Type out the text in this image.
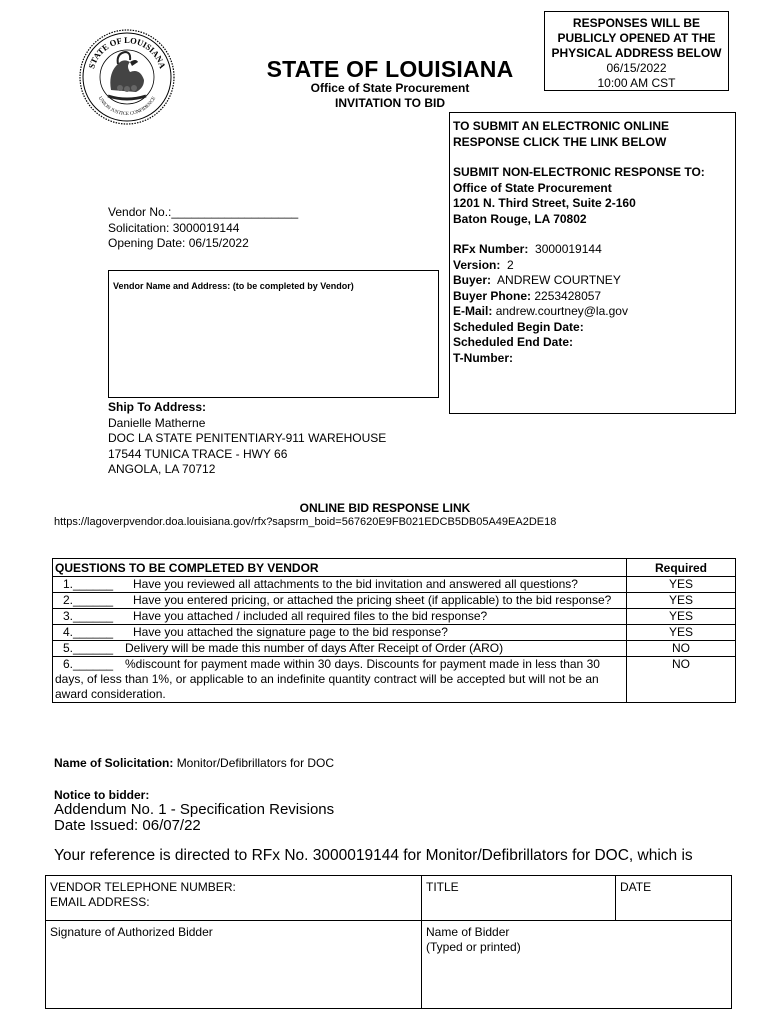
STATE OF LOUISIANA
UNION JUSTICE CONFIDENCE
STATE OF LOUISIANA
Office of State Procurement
INVITATION TO BID
RESPONSES WILL BE
PUBLICLY OPENED AT THE
PHYSICAL ADDRESS BELOW
06/15/2022
10:00 AM CST
TO SUBMIT AN ELECTRONIC ONLINE
RESPONSE CLICK THE LINK BELOW
SUBMIT NON-ELECTRONIC RESPONSE TO:
Office of State Procurement
1201 N. Third Street, Suite 2-160
Baton Rouge, LA 70802
RFx Number: 3000019144
Version: 2
Buyer: ANDREW COURTNEY
Buyer Phone: 2253428057
E-Mail: andrew.courtney@la.gov
Scheduled Begin Date:
Scheduled End Date:
T-Number:
Vendor No.:___________________
Solicitation: 3000019144
Opening Date: 06/15/2022
Vendor Name and Address: (to be completed by Vendor)
Ship To Address:
Danielle Matherne
DOC LA STATE PENITENTIARY-911 WAREHOUSE
17544 TUNICA TRACE - HWY 66
ANGOLA, LA 70712
ONLINE BID RESPONSE LINK
https://lagoverpvendor.doa.louisiana.gov/rfx?sapsrm_boid=567620E9FB021EDCB5DB05A49EA2DE18
QUESTIONS TO BE COMPLETED BY VENDOR	Required
1.______ Have you reviewed all attachments to the bid invitation and answered all questions?	YES
2.______ Have you entered pricing, or attached the pricing sheet (if applicable) to the bid response?	YES
3.______ Have you attached / included all required files to the bid response?	YES
4.______ Have you attached the signature page to the bid response?	YES
5.______ Delivery will be made this number of days After Receipt of Order (ARO)	NO
6.______ %discount for payment made within 30 days. Discounts for payment made in less than 30 days, of less than 1%, or applicable to an indefinite quantity contract will be accepted but will not be an award consideration.	NO
Name of Solicitation: Monitor/Defibrillators for DOC
Notice to bidder:
Addendum No. 1 - Specification Revisions
Date Issued: 06/07/22
Your reference is directed to RFx No. 3000019144 for Monitor/Defibrillators for DOC, which is
VENDOR TELEPHONE NUMBER:
EMAIL ADDRESS:
TITLE	DATE
Signature of Authorized Bidder	Name of Bidder
(Typed or printed)
